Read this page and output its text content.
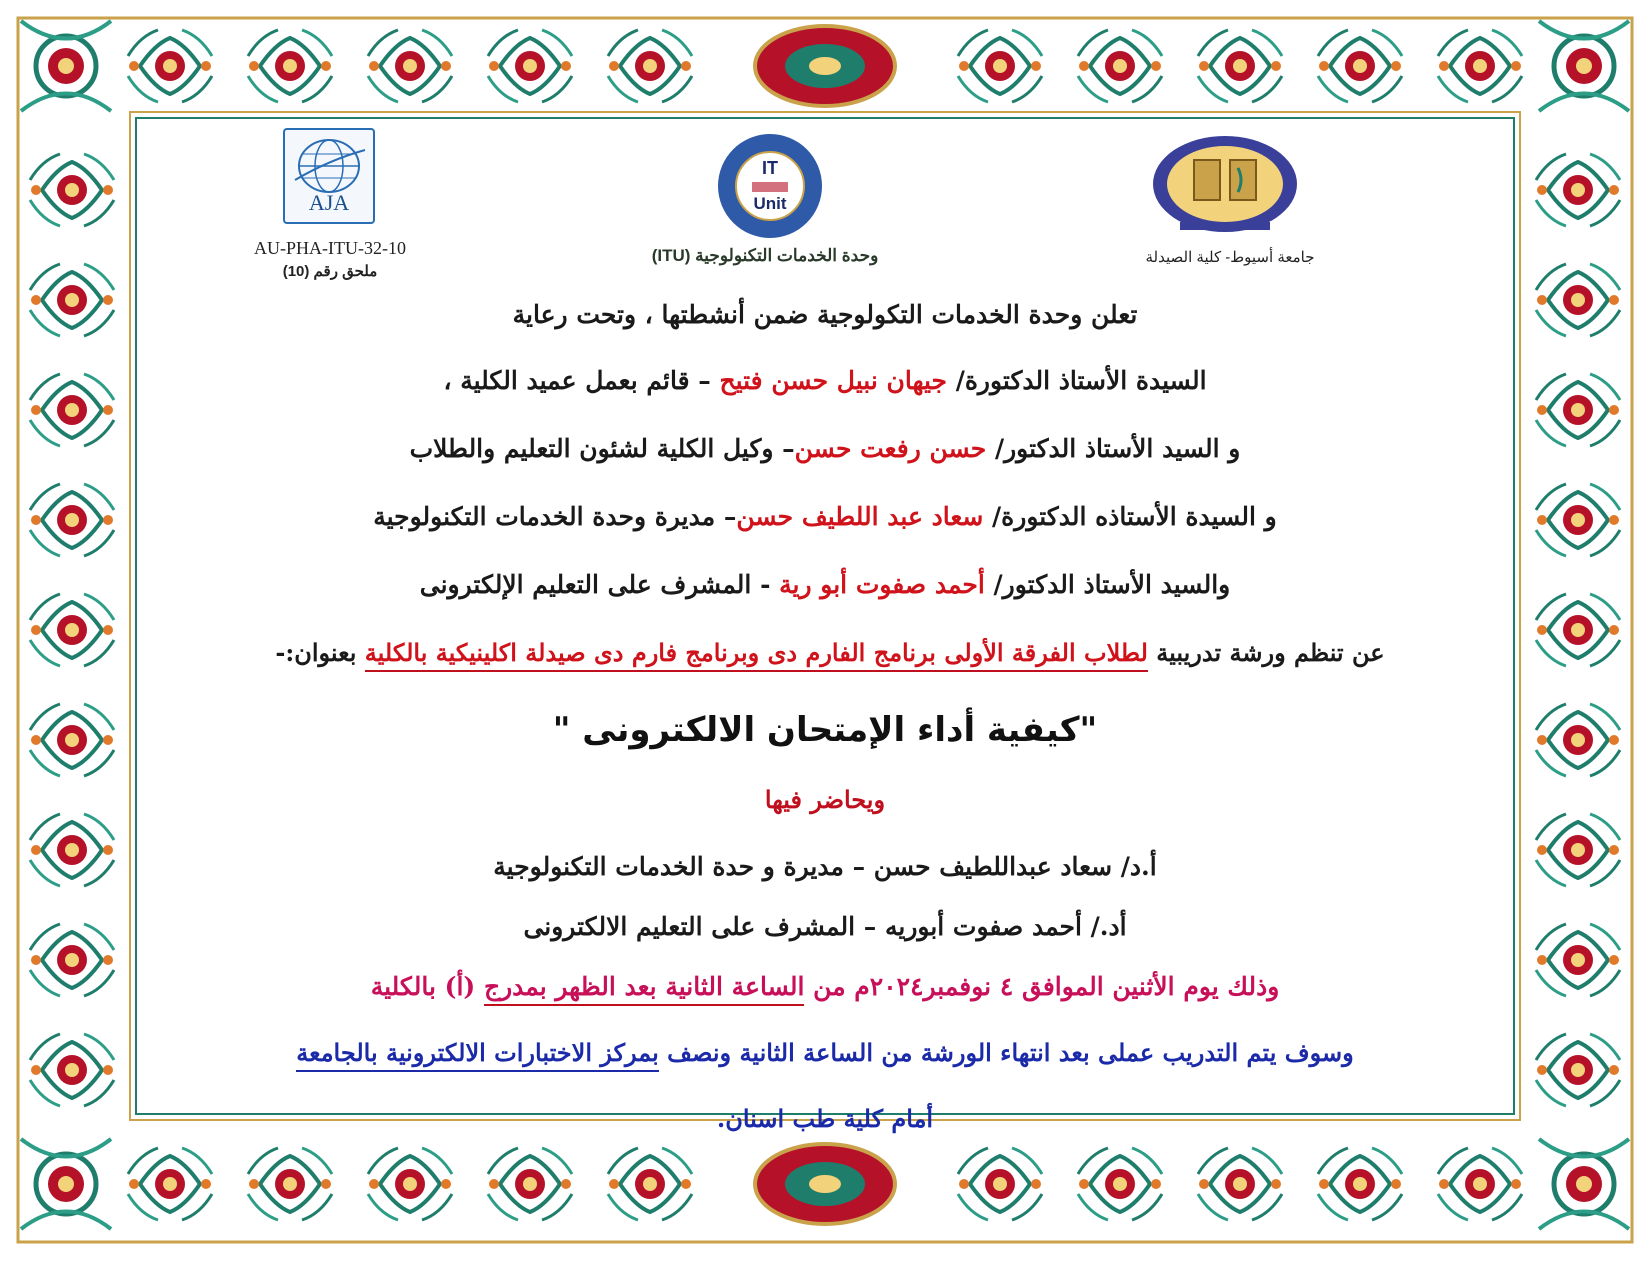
AJA
AU-PHA-ITU-32-10
ملحق رقم (10)
IT
Unit
وحدة الخدمات التكنولوجية (ITU)	جامعة أسيوط- كلية الصيدلة
تعلن وحدة الخدمات التكولوجية ضمن أنشطتها ، وتحت رعاية
السيدة الأستاذ الدكتورة/ جيهان نبيل حسن فتيح – قائم بعمل عميد الكلية ،
و السيد الأستاذ الدكتور/ حسن رفعت حسن– وكيل الكلية لشئون التعليم والطلاب
و السيدة الأستاذه الدكتورة/ سعاد عبد اللطيف حسن– مديرة وحدة الخدمات التكنولوجية
والسيد الأستاذ الدكتور/ أحمد صفوت أبو رية - المشرف على التعليم الإلكترونى
عن تنظم ورشة تدريبية لطلاب الفرقة الأولى برنامج الفارم دى وبرنامج فارم دى صيدلة اكلينيكية بالكلية بعنوان:-
"كيفية أداء الإمتحان الالكترونى "
ويحاضر فيها
أ.د/ سعاد عبداللطيف حسن – مديرة و حدة الخدمات التكنولوجية
أد./ أحمد صفوت أبوريه – المشرف على التعليم الالكترونى
وذلك يوم الأثنين الموافق ٤ نوفمبر٢٠٢٤م من الساعة الثانية بعد الظهر بمدرج (أ) بالكلية
وسوف يتم التدريب عملى بعد انتهاء الورشة من الساعة الثانية ونصف بمركز الاختبارات الالكترونية بالجامعة
أمام كلية طب اسنان.
